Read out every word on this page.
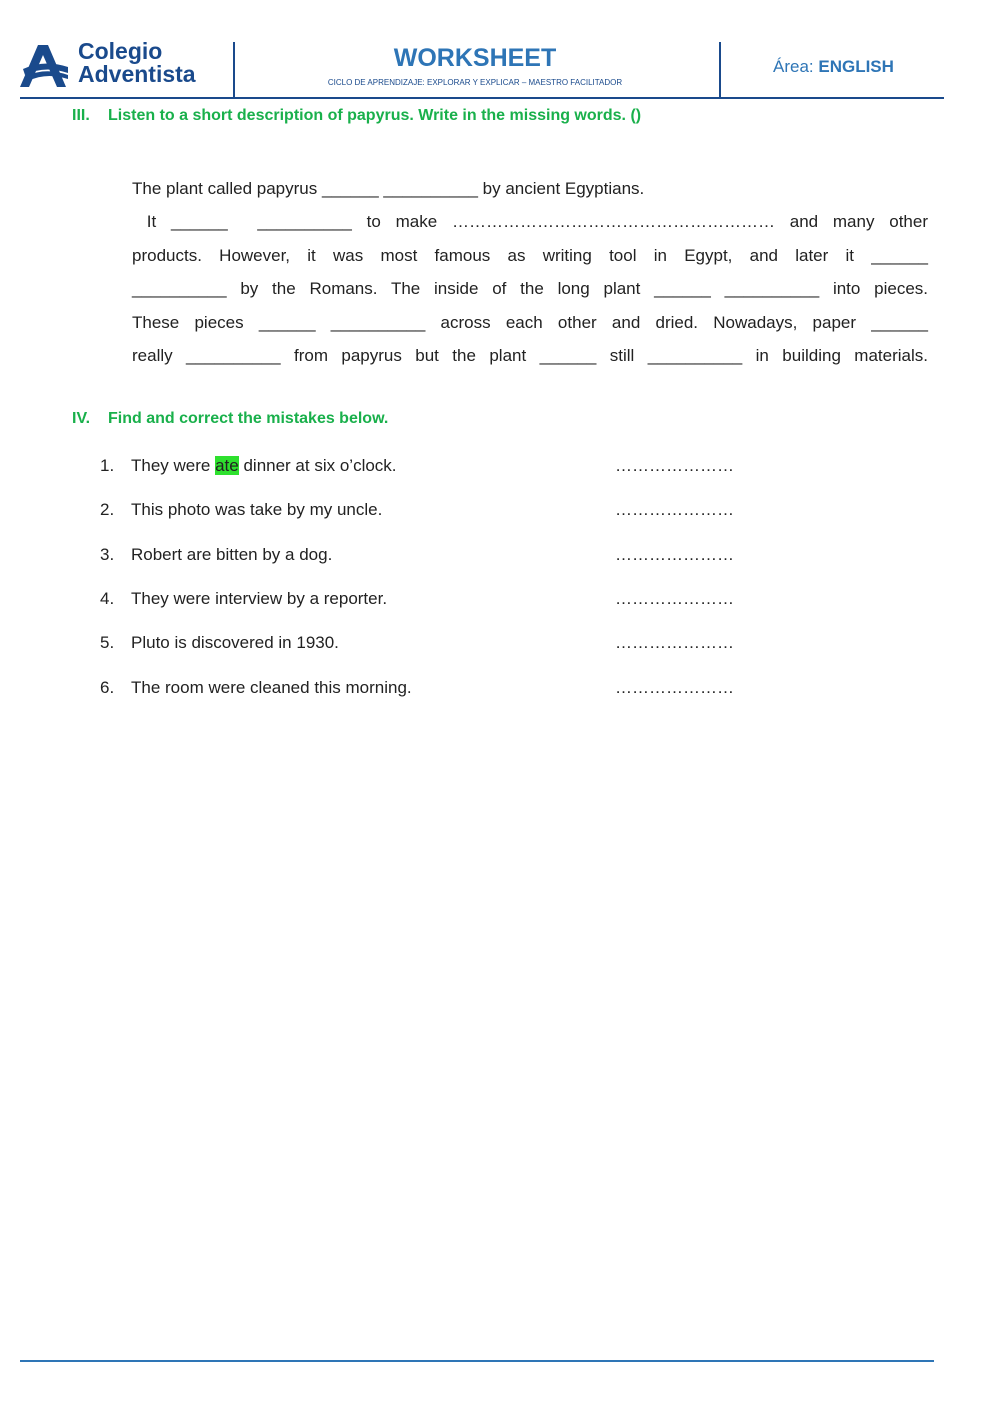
Colegio
Adventista
WORKSHEET
CICLO DE APRENDIZAJE: EXPLORAR Y EXPLICAR – MAESTRO FACILITADOR
Área: ENGLISH
III. Listen to a short description of papyrus. Write in the missing words. ()
The plant called papyrus ______ __________ by ancient Egyptians.
It ______  __________ to make ………………………………………………… and many other
products. However, it was most famous as writing tool in Egypt, and later it ______
__________ by the Romans. The inside of the long plant ______ __________ into pieces.
These pieces ______ __________ across each other and dried. Nowadays, paper ______
really __________ from papyrus but the plant ______ still __________ in building materials.
IV. Find and correct the mistakes below.
1. They were ate dinner at six o’clock.	…………………
2. This photo was take by my uncle.	…………………
3. Robert are bitten by a dog.	…………………
4. They were interview by a reporter.	…………………
5. Pluto is discovered in 1930.	…………………
6. The room were cleaned this morning.	…………………
